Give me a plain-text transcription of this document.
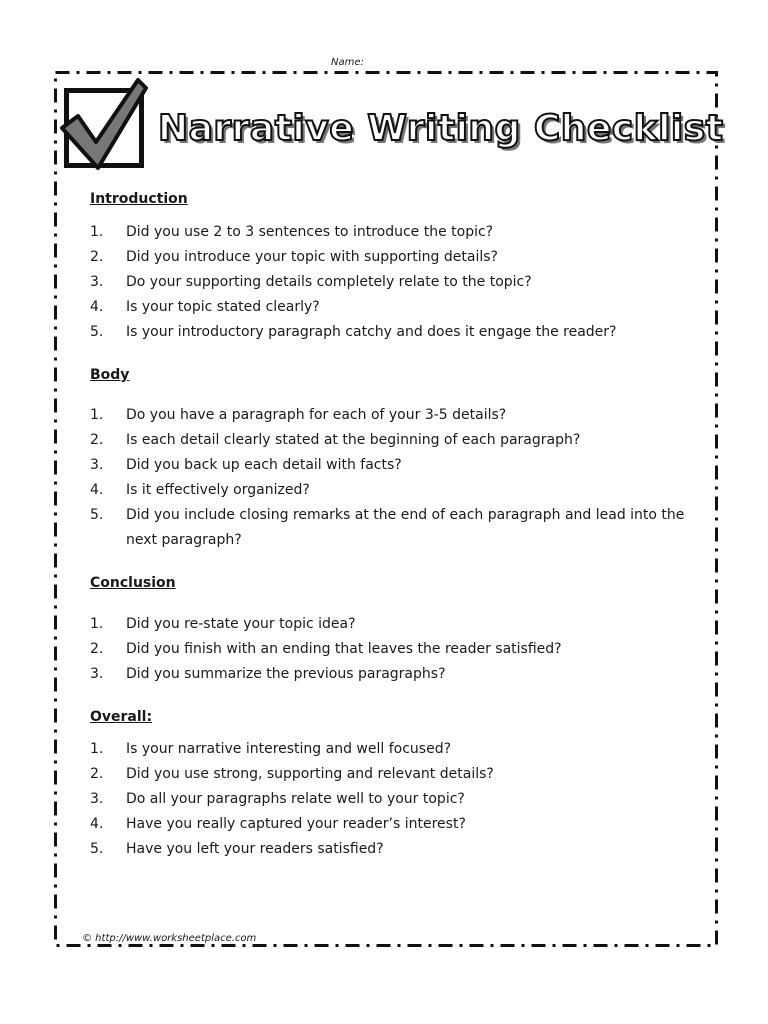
Name:
Narrative Writing Checklist
Introduction
1.	Did you use 2 to 3 sentences to introduce the topic?
2.	Did you introduce your topic with supporting details?
3.	Do your supporting details completely relate to the topic?
4.	Is your topic stated clearly?
5.	Is your introductory paragraph catchy and does it engage the reader?
Body
1.	Do you have a paragraph for each of your 3-5 details?
2.	Is each detail clearly stated at the beginning of each paragraph?
3.	Did you back up each detail with facts?
4.	Is it effectively organized?
5.	Did you include closing remarks at the end of each paragraph and lead into the next paragraph?
Conclusion
1.	Did you re-state your topic idea?
2.	Did you finish with an ending that leaves the reader satisfied?
3.	Did you summarize the previous paragraphs?
Overall:
1.	Is your narrative interesting and well focused?
2.	Did you use strong, supporting and relevant details?
3.	Do all your paragraphs relate well to your topic?
4.	Have you really captured your reader’s interest?
5.	Have you left your readers satisfied?
© http://www.worksheetplace.com
